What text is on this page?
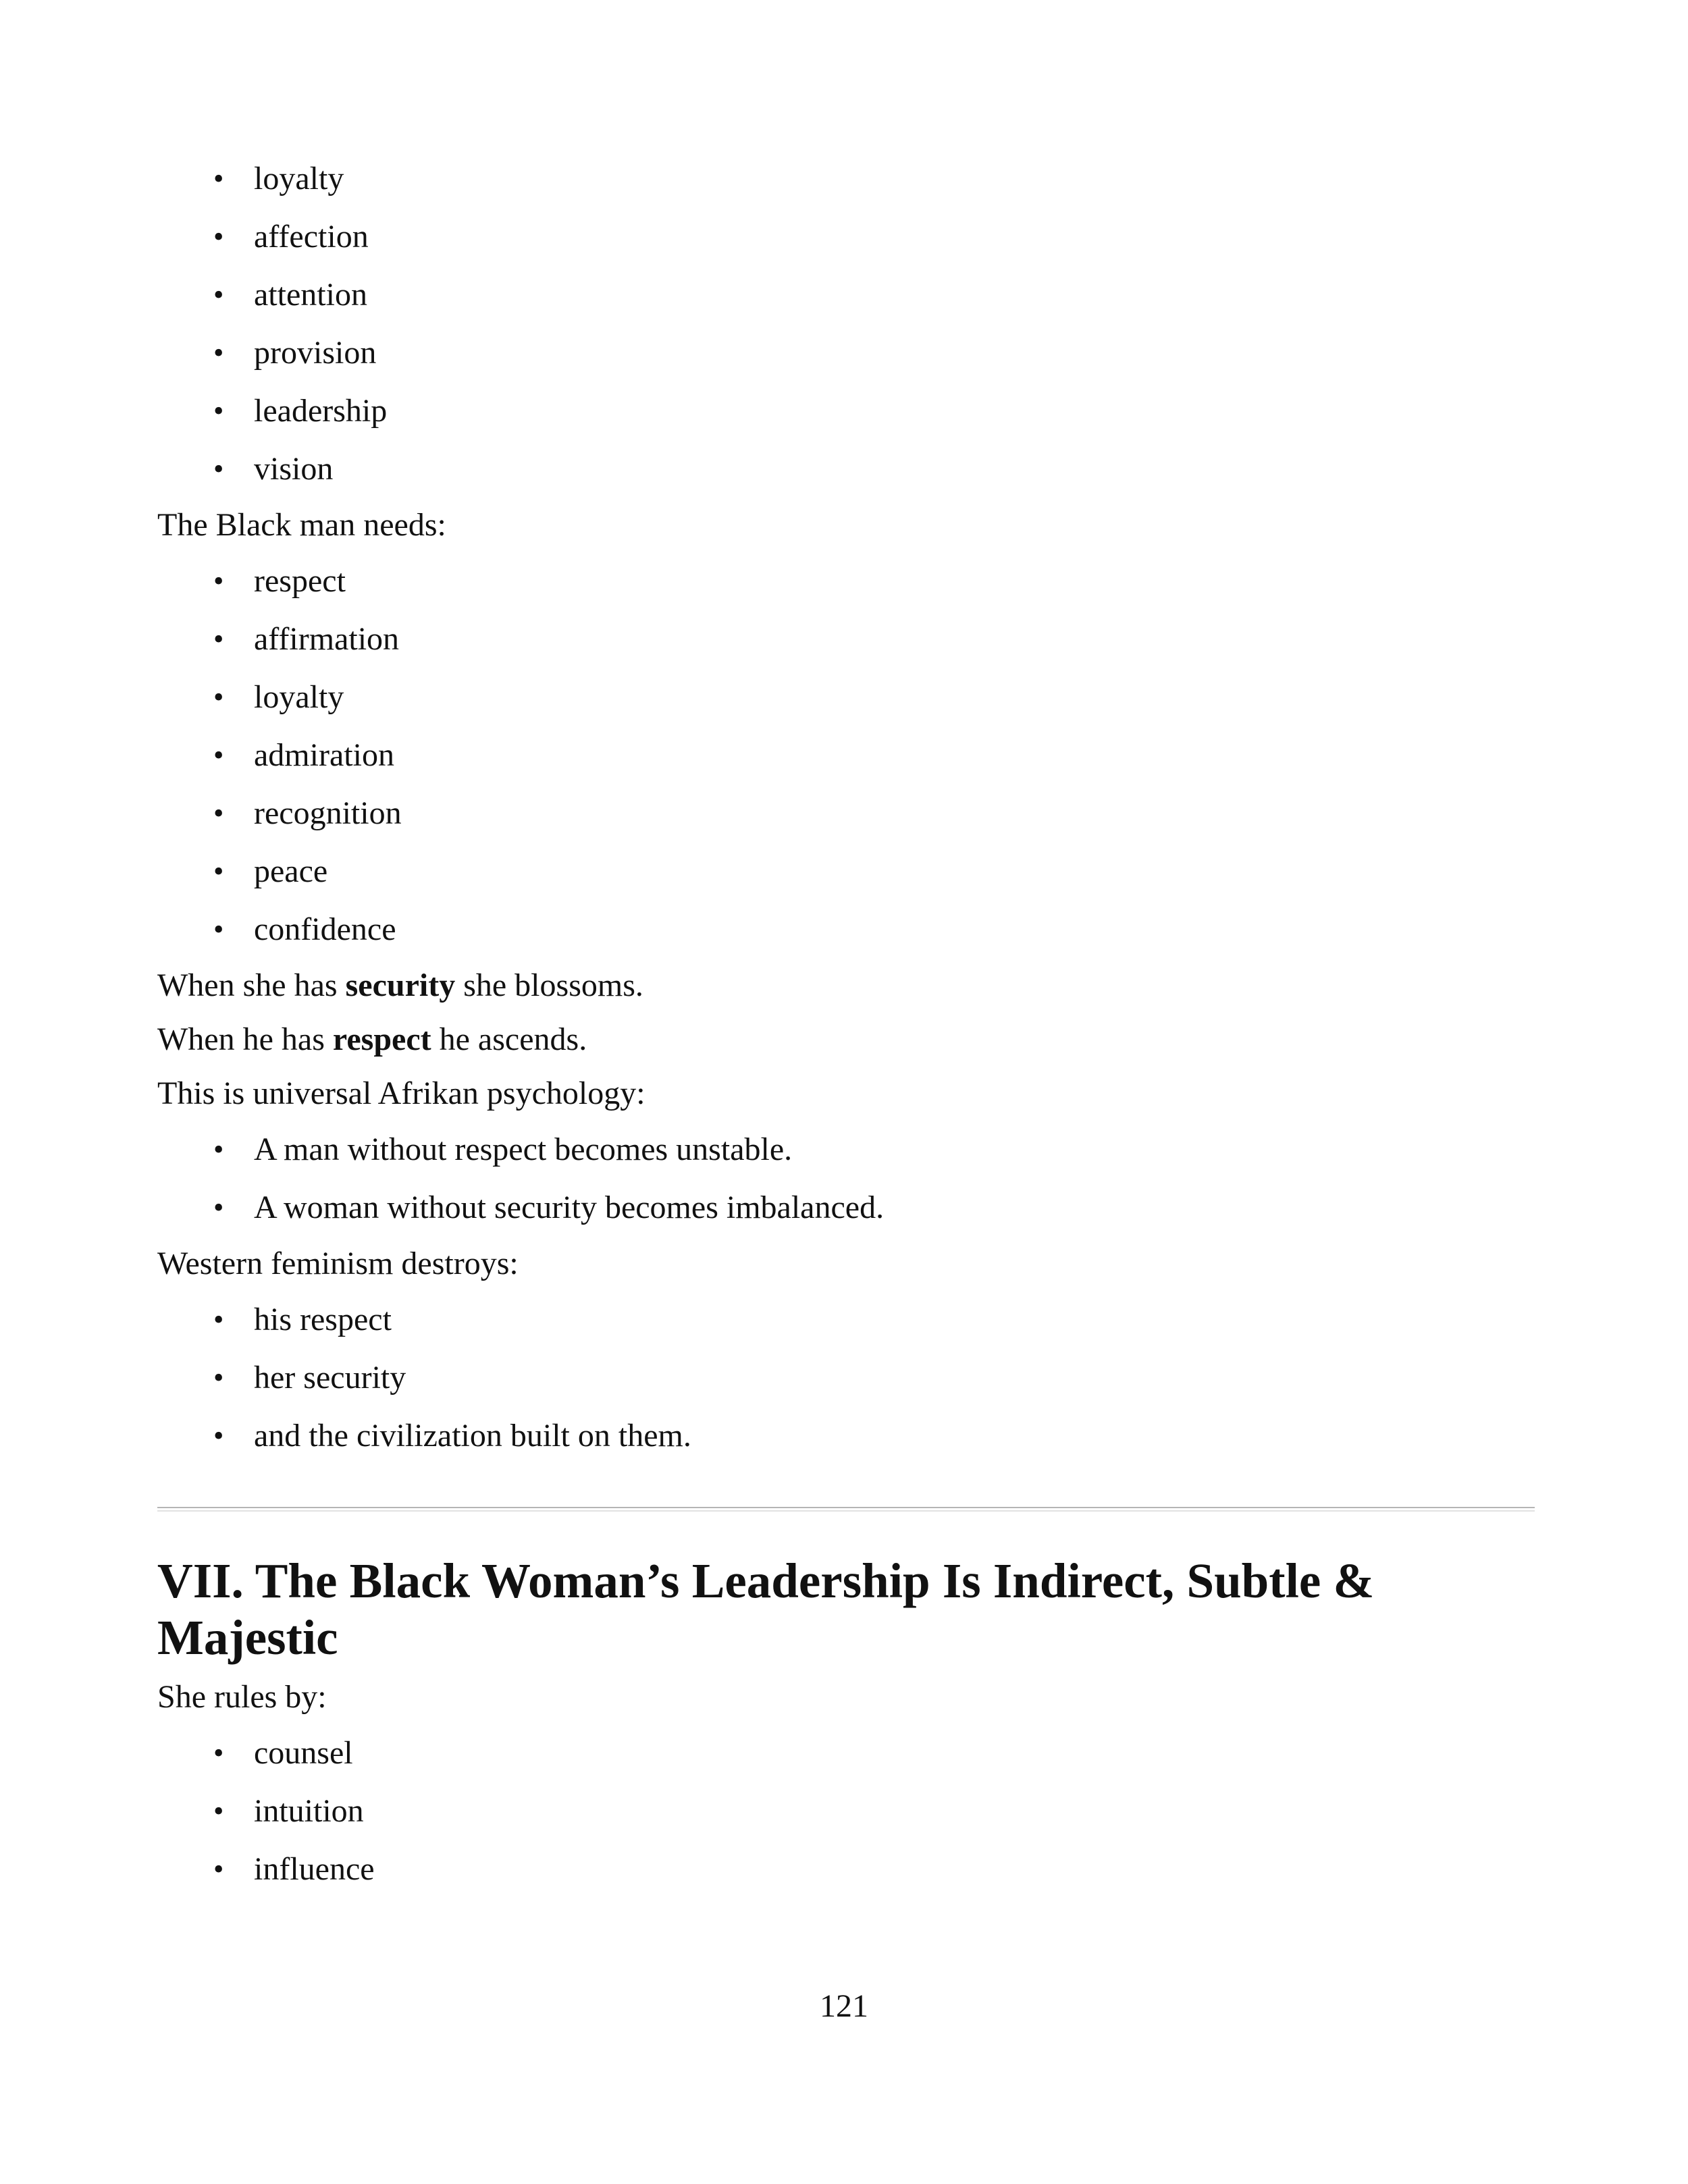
• loyalty
• affection
• attention
• provision
• leadership
• vision

The Black man needs:

• respect
• affirmation
• loyalty
• admiration
• recognition
• peace
• confidence

When she has security she blossoms.

When he has respect he ascends.

This is universal Afrikan psychology:

• A man without respect becomes unstable.
• A woman without security becomes imbalanced.

Western feminism destroys:

• his respect
• her security
• and the civilization built on them.
VII. The Black Woman’s Leadership Is Indirect, Subtle &
Majestic

She rules by:

• counsel
• intuition
• influence
121
